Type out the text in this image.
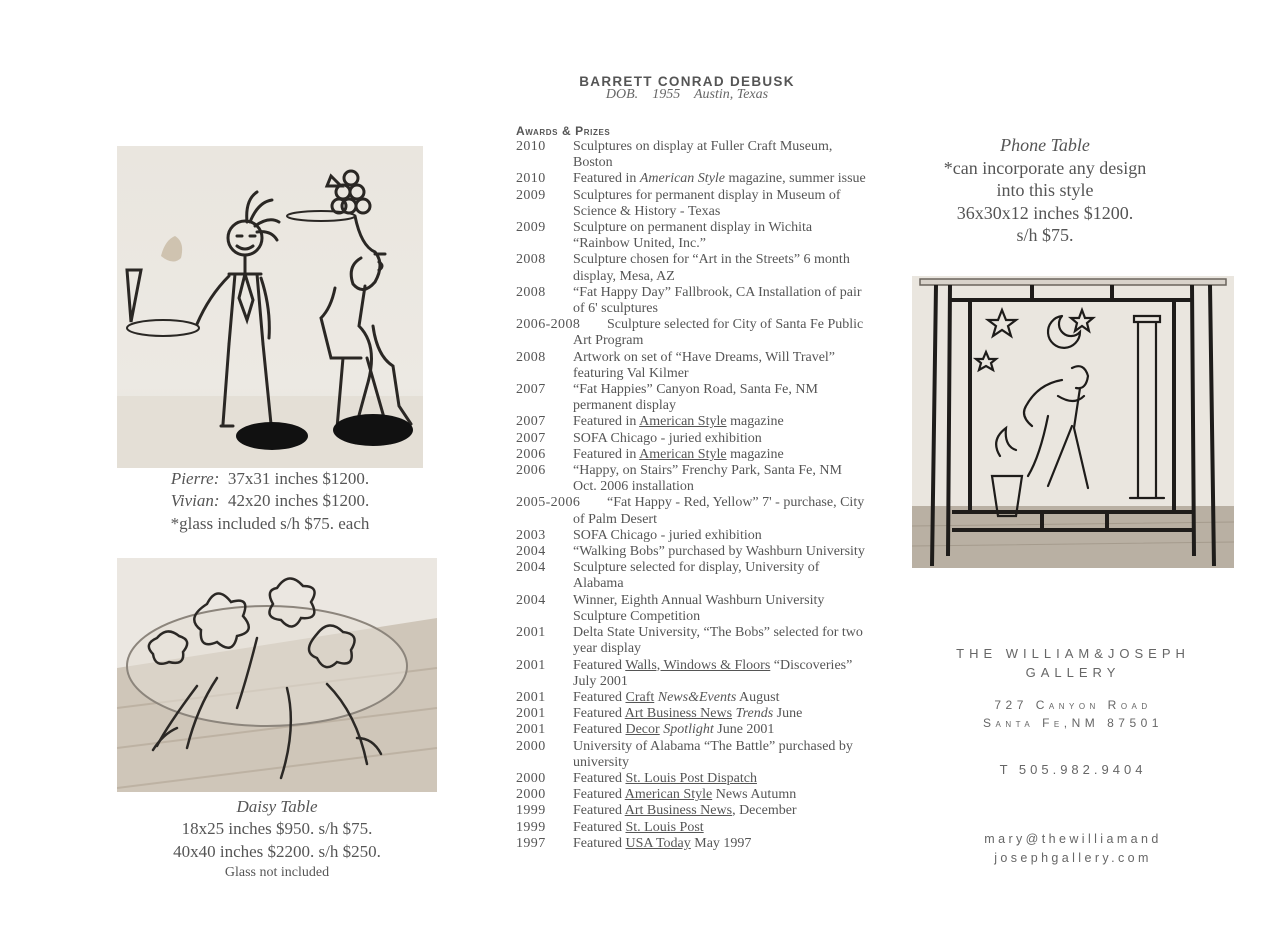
Pierre: 37x31 inches $1200.
Vivian: 42x20 inches $1200.
*glass included s/h $75. each
Daisy Table
18x25 inches $950. s/h $75.
40x40 inches $2200. s/h $250.
Glass not included
BARRETT CONRAD DEBUSK
DOB. 1955 Austin, Texas
Awards & Prizes
2010	Sculptures on display at Fuller Craft Museum, Boston
2010	Featured in American Style magazine, summer issue
2009	Sculptures for permanent display in Museum of Science & History - Texas
2009	Sculpture on permanent display in Wichita “Rainbow United, Inc.”
2008	Sculpture chosen for “Art in the Streets” 6 month display, Mesa, AZ
2008	“Fat Happy Day” Fallbrook, CA Installation of pair of 6' sculptures
2006-2008	Sculpture selected for City of Santa Fe Public Art Program
2008	Artwork on set of “Have Dreams, Will Travel” featuring Val Kilmer
2007	“Fat Happies” Canyon Road, Santa Fe, NM permanent display
2007	Featured in American Style magazine
2007	SOFA Chicago - juried exhibition
2006	Featured in American Style magazine
2006	“Happy, on Stairs” Frenchy Park, Santa Fe, NM Oct. 2006 installation
2005-2006	“Fat Happy - Red, Yellow” 7' - purchase, City of Palm Desert
2003	SOFA Chicago - juried exhibition
2004	“Walking Bobs” purchased by Washburn University
2004	Sculpture selected for display, University of Alabama
2004	Winner, Eighth Annual Washburn University Sculpture Competition
2001	Delta State University, “The Bobs” selected for two year display
2001	Featured Walls, Windows & Floors “Discoveries” July 2001
2001	Featured Craft News&Events August
2001	Featured Art Business News Trends June
2001	Featured Decor Spotlight June 2001
2000	University of Alabama “The Battle” purchased by university
2000	Featured St. Louis Post Dispatch
2000	Featured American Style News Autumn
1999	Featured Art Business News, December
1999	Featured St. Louis Post
1997	Featured USA Today May 1997
Phone Table
*can incorporate any design
into this style
36x30x12 inches $1200.
s/h $75.
THE WILLIAM&JOSEPH
GALLERY
727 Canyon Road
Santa Fe,NM 87501
T 505.982.9404
mary@thewilliamand
josephgallery.com
